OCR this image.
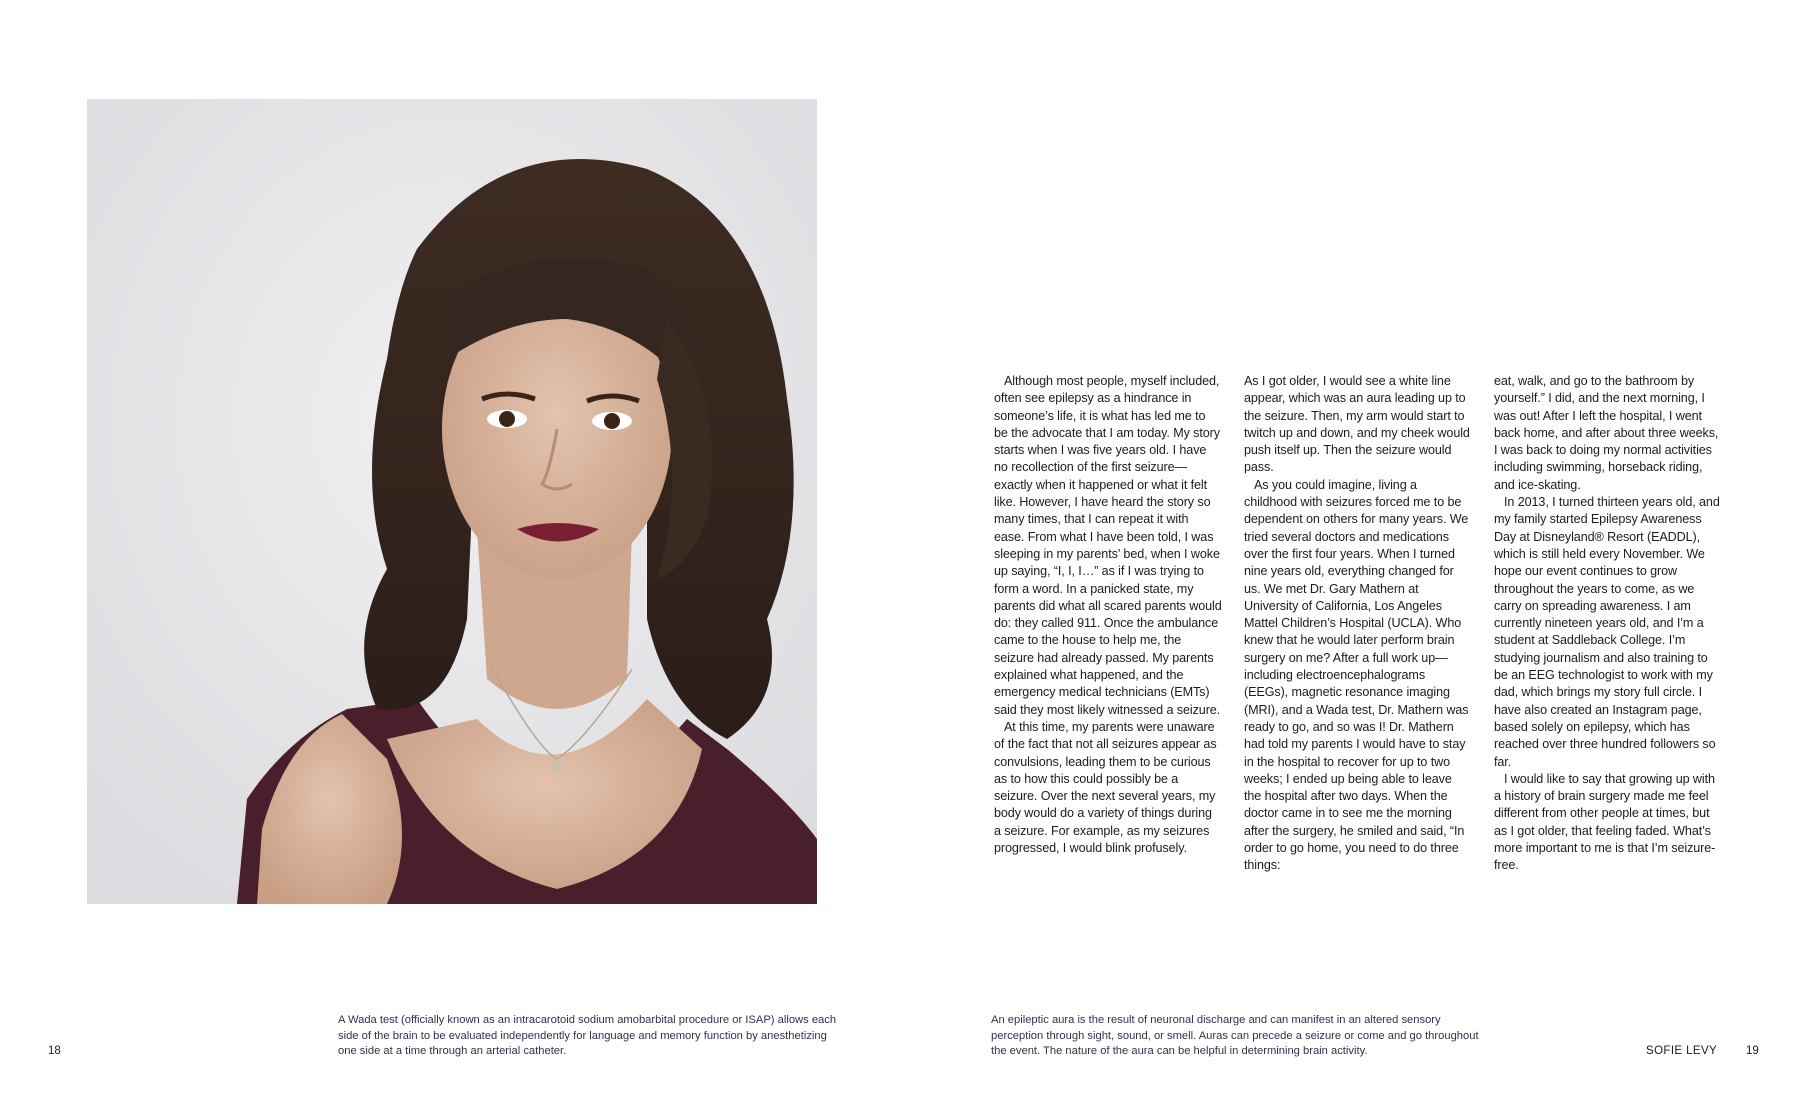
Although most people, myself included, often see epilepsy as a hindrance in someone’s life, it is what has led me to be the advocate that I am today. My story starts when I was five years old. I have no recollection of the first seizure—exactly when it happened or what it felt like. However, I have heard the story so many times, that I can repeat it with ease. From what I have been told, I was sleeping in my parents’ bed, when I woke up saying, “I, I, I…” as if I was trying to form a word. In a panicked state, my parents did what all scared parents would do: they called 911. Once the ambulance came to the house to help me, the seizure had already passed. My parents explained what happened, and the emergency medical technicians (EMTs) said they most likely witnessed a seizure.

At this time, my parents were unaware of the fact that not all seizures appear as convulsions, leading them to be curious as to how this could possibly be a seizure. Over the next several years, my body would do a variety of things during a seizure. For example, as my seizures progressed, I would blink profusely.

As I got older, I would see a white line appear, which was an aura leading up to the seizure. Then, my arm would start to twitch up and down, and my cheek would push itself up. Then the seizure would pass.

As you could imagine, living a childhood with seizures forced me to be dependent on others for many years. We tried several doctors and medications over the first four years. When I turned nine years old, everything changed for us. We met Dr. Gary Mathern at University of California, Los Angeles Mattel Children’s Hospital (UCLA). Who knew that he would later perform brain surgery on me? After a full work up—including electroencephalograms (EEGs), magnetic resonance imaging (MRI), and a Wada test, Dr. Mathern was ready to go, and so was I! Dr. Mathern had told my parents I would have to stay in the hospital to recover for up to two weeks; I ended up being able to leave the hospital after two days. When the doctor came in to see me the morning after the surgery, he smiled and said, “In order to go home, you need to do three things:

eat, walk, and go to the bathroom by yourself.” I did, and the next morning, I was out! After I left the hospital, I went back home, and after about three weeks, I was back to doing my normal activities including swimming, horseback riding, and ice-skating.

In 2013, I turned thirteen years old, and my family started Epilepsy Awareness Day at Disneyland® Resort (EADDL), which is still held every November. We hope our event continues to grow throughout the years to come, as we carry on spreading awareness. I am currently nineteen years old, and I’m a student at Saddleback College. I’m studying journalism and also training to be an EEG technologist to work with my dad, which brings my story full circle. I have also created an Instagram page, based solely on epilepsy, which has reached over three hundred followers so far.

I would like to say that growing up with a history of brain surgery made me feel different from other people at times, but as I got older, that feeling faded. What’s more important to me is that I’m seizure-free.

A Wada test (officially known as an intracarotoid sodium amobarbital procedure or ISAP) allows each side of the brain to be evaluated independently for language and memory function by anesthetizing one side at a time through an arterial catheter.
An epileptic aura is the result of neuronal discharge and can manifest in an altered sensory perception through sight, sound, or smell. Auras can precede a seizure or come and go throughout the event. The nature of the aura can be helpful in determining brain activity.
18	SOFIE LEVY	19
